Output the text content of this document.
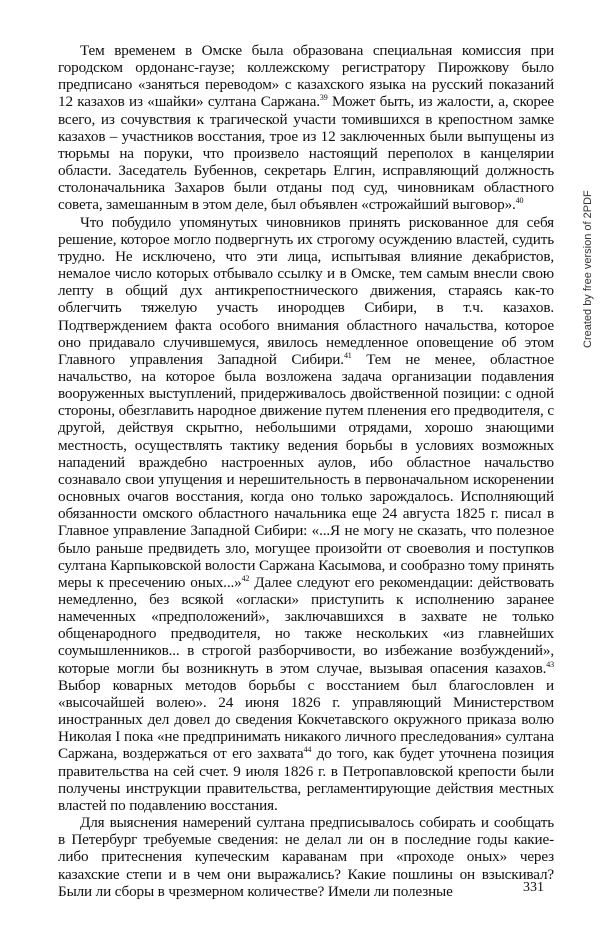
Тем временем в Омске была образована специальная комиссия при городском ордонанс-гаузе; коллежскому регистратору Пирожкову было предписано «заняться переводом» с казахского языка на русский показаний 12 казахов из «шайки» султана Саржана.$^{39}$ Может быть, из жалости, а, скорее всего, из сочувствия к трагической участи томившихся в крепостном замке казахов – участников восстания, трое из 12 заключенных были выпущены из тюрьмы на поруки, что произвело настоящий переполох в канцелярии области. Заседатель Бубеннов, секретарь Елгин, исправляющий должность столоначальника Захаров были отданы под суд, чиновникам областного совета, замешанным в этом деле, был объявлен «строжайший выговор».$^{40}$

Что побудило упомянутых чиновников принять рискованное для себя решение, которое могло подвергнуть их строгому осуждению властей, судить трудно. Не исключено, что эти лица, испытывая влияние декабристов, немалое число которых отбывало ссылку и в Омске, тем самым внесли свою лепту в общий дух антикрепостнического движения, стараясь как-то облегчить тяжелую участь инородцев Сибири, в т.ч. казахов. Подтверждением факта особого внимания областного начальства, которое оно придавало случившемуся, явилось немедленное оповещение об этом Главного управления Западной Сибири.$^{41}$ Тем не менее, областное начальство, на которое была возложена задача организации подавления вооруженных выступлений, придерживалось двойственной позиции: с одной стороны, обезглавить народное движение путем пленения его предводителя, с другой, действуя скрытно, небольшими отрядами, хорошо знающими местность, осуществлять тактику ведения борьбы в условиях возможных нападений враждебно настроенных аулов, ибо областное начальство сознавало свои упущения и нерешительность в первоначальном искоренении основных очагов восстания, когда оно только зарождалось. Исполняющий обязанности омского областного начальника еще 24 августа 1825 г. писал в Главное управление Западной Сибири: «...Я не могу не сказать, что полезное было раньше предвидеть зло, могущее произойти от своеволия и поступков султана Карпыковской волости Саржана Касымова, и сообразно тому принять меры к пресечению оных...»$^{42}$ Далее следуют его рекомендации: действовать немедленно, без всякой «огласки» приступить к исполнению заранее намеченных «предположений», заключавшихся в захвате не только общенародного предводителя, но также нескольких «из главнейших соумышленников... в строгой разборчивости, во избежание возбуждений», которые могли бы возникнуть в этом случае, вызывая опасения казахов.$^{43}$ Выбор коварных методов борьбы с восстанием был благословлен и «высочайшей волею». 24 июня 1826 г. управляющий Министерством иностранных дел довел до сведения Кокчетавского окружного приказа волю Николая I пока «не предпринимать никакого личного преследования» султана Саржана, воздержаться от его захвата$^{44}$ до того, как будет уточнена позиция правительства на сей счет. 9 июля 1826 г. в Петропавловской крепости были получены инструкции правительства, регламентирующие действия местных властей по подавлению восстания.

Для выяснения намерений султана предписывалось собирать и сообщать в Петербург требуемые сведения: не делал ли он в последние годы какие-либо притеснения купеческим караванам при «проходе оных» через казахские степи и в чем они выражались? Какие пошлины он взыскивал? Были ли сборы в чрезмерном количестве? Имели ли полезные

Created by free version of 2PDF
331
